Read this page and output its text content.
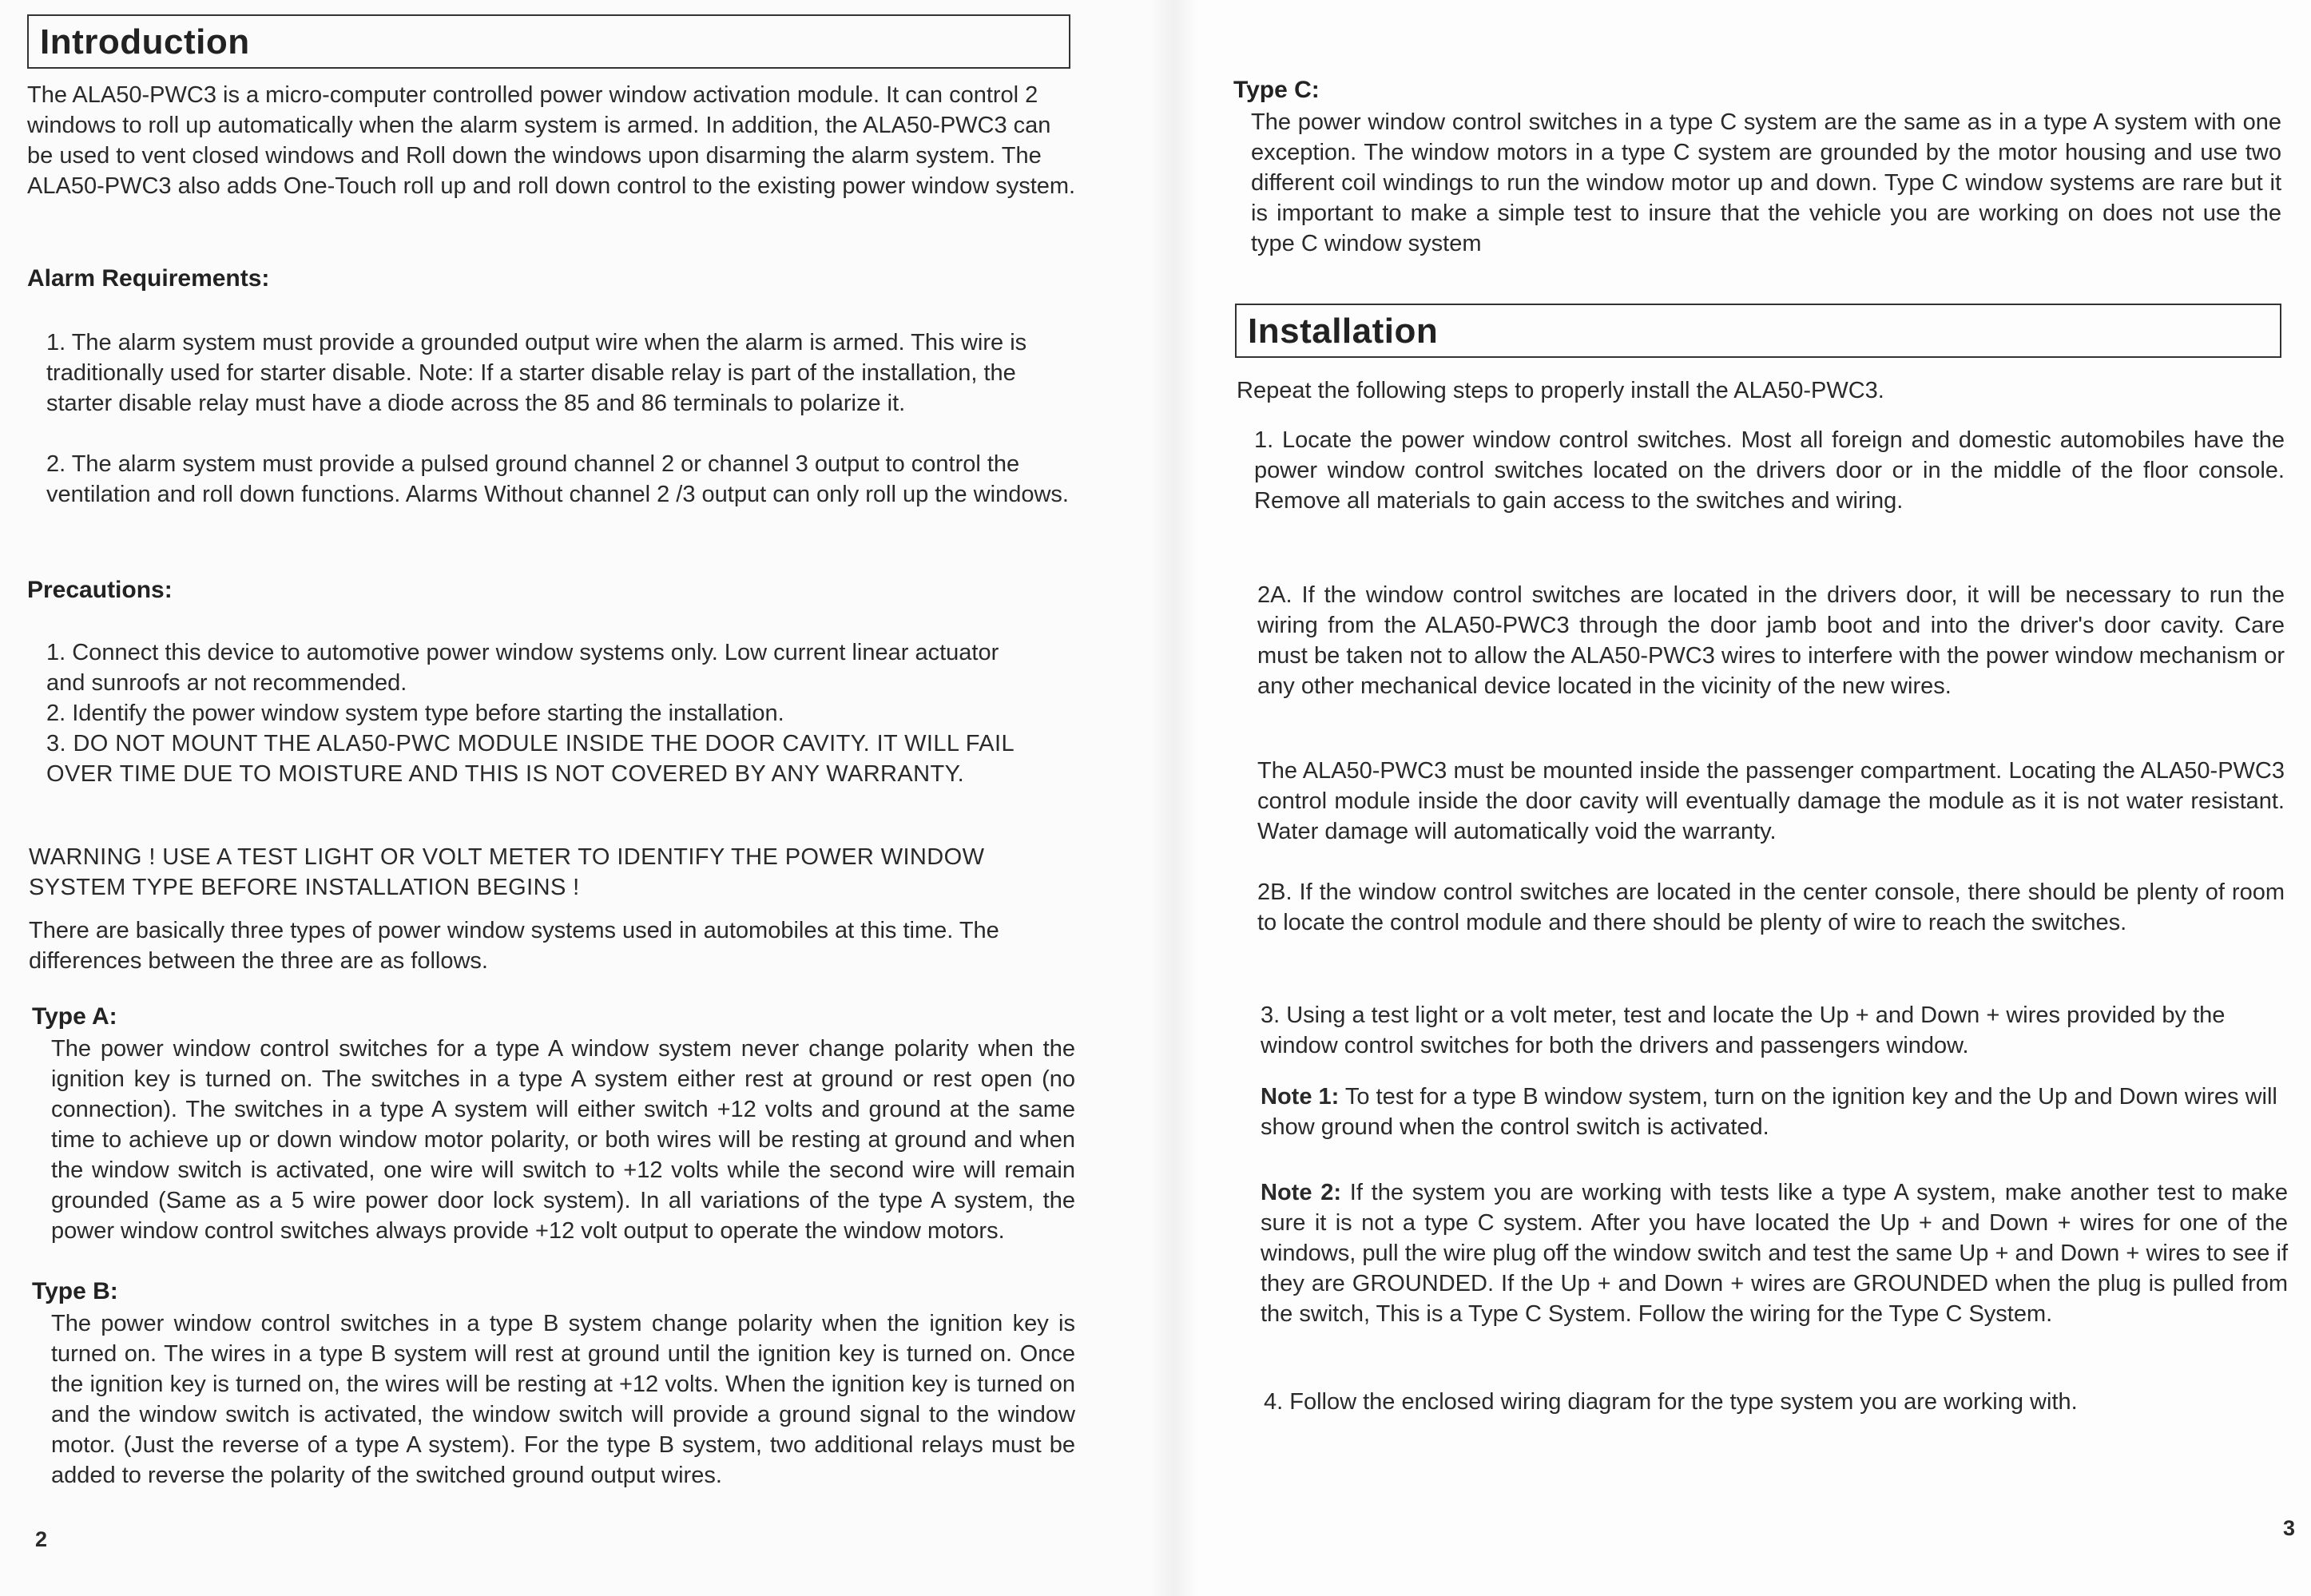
Introduction

The ALA50-PWC3 is a micro-computer controlled power window activation module. It can control 2 windows to roll up automatically when the alarm system is armed. In addition, the ALA50-PWC3 can be used to vent closed windows and Roll down the windows upon disarming the alarm system. The ALA50-PWC3 also adds One-Touch roll up and roll down control to the existing power window system.

Alarm Requirements:

1. The alarm system must provide a grounded output wire when the alarm is armed. This wire is traditionally used for starter disable. Note: If a starter disable relay is part of the installation, the starter disable relay must have a diode across the 85 and 86 terminals to polarize it.

2. The alarm system must provide a pulsed ground channel 2 or channel 3 output to control the ventilation and roll down functions. Alarms Without channel 2 /3 output can only roll up the windows.

Precautions:

1. Connect this device to automotive power window systems only. Low current linear actuator and sunroofs ar not recommended.

2. Identify the power window system type before starting the installation.

3. DO NOT MOUNT THE ALA50-PWC MODULE INSIDE THE DOOR CAVITY. IT WILL FAIL OVER TIME DUE TO MOISTURE AND THIS IS NOT COVERED BY ANY WARRANTY.

WARNING ! USE A TEST LIGHT OR VOLT METER TO IDENTIFY THE POWER WINDOW SYSTEM TYPE BEFORE INSTALLATION BEGINS !

There are basically three types of power window systems used in automobiles at this time. The differences between the three are as follows.

Type A:

The power window control switches for a type A window system never change polarity when the ignition key is turned on. The switches in a type A system either rest at ground or rest open (no connection). The switches in a type A system will either switch +12 volts and ground at the same time to achieve up or down window motor polarity, or both wires will be resting at ground and when the window switch is activated, one wire will switch to +12 volts while the second wire will remain grounded (Same as a 5 wire power door lock system). In all variations of the type A system, the power window control switches always provide +12 volt output to operate the window motors.

Type B:

The power window control switches in a type B system change polarity when the ignition key is turned on. The wires in a type B system will rest at ground until the ignition key is turned on. Once the ignition key is turned on, the wires will be resting at +12 volts. When the ignition key is turned on and the window switch is activated, the window switch will provide a ground signal to the window motor. (Just the reverse of a type A system). For the type B system, two additional relays must be added to reverse the polarity of the switched ground output wires.

2

Type C:

The power window control switches in a type C system are the same as in a type A system with one exception. The window motors in a type C system are grounded by the motor housing and use two different coil windings to run the window motor up and down. Type C window systems are rare but it is important to make a simple test to insure that the vehicle you are working on does not use the type C window system

Installation

Repeat the following steps to properly install the ALA50-PWC3.

1. Locate the power window control switches. Most all foreign and domestic automobiles have the power window control switches located on the drivers door or in the middle of the floor console. Remove all materials to gain access to the switches and wiring.

2A. If the window control switches are located in the drivers door, it will be necessary to run the wiring from the ALA50-PWC3 through the door jamb boot and into the driver's door cavity. Care must be taken not to allow the ALA50-PWC3 wires to interfere with the power window mechanism or any other mechanical device located in the vicinity of the new wires.

The ALA50-PWC3 must be mounted inside the passenger compartment. Locating the ALA50-PWC3 control module inside the door cavity will eventually damage the module as it is not water resistant. Water damage will automatically void the warranty.

2B. If the window control switches are located in the center console, there should be plenty of room to locate the control module and there should be plenty of wire to reach the switches.

3. Using a test light or a volt meter, test and locate the Up + and Down + wires provided by the window control switches for both the drivers and passengers window.

Note 1: To test for a type B window system, turn on the ignition key and the Up and Down wires will show ground when the control switch is activated.

Note 2: If the system you are working with tests like a type A system, make another test to make sure it is not a type C system. After you have located the Up + and Down + wires for one of the windows, pull the wire plug off the window switch and test the same Up + and Down + wires to see if they are GROUNDED. If the Up + and Down + wires are GROUNDED when the plug is pulled from the switch, This is a Type C System. Follow the wiring for the Type C System.

4. Follow the enclosed wiring diagram for the type system you are working with.

3
